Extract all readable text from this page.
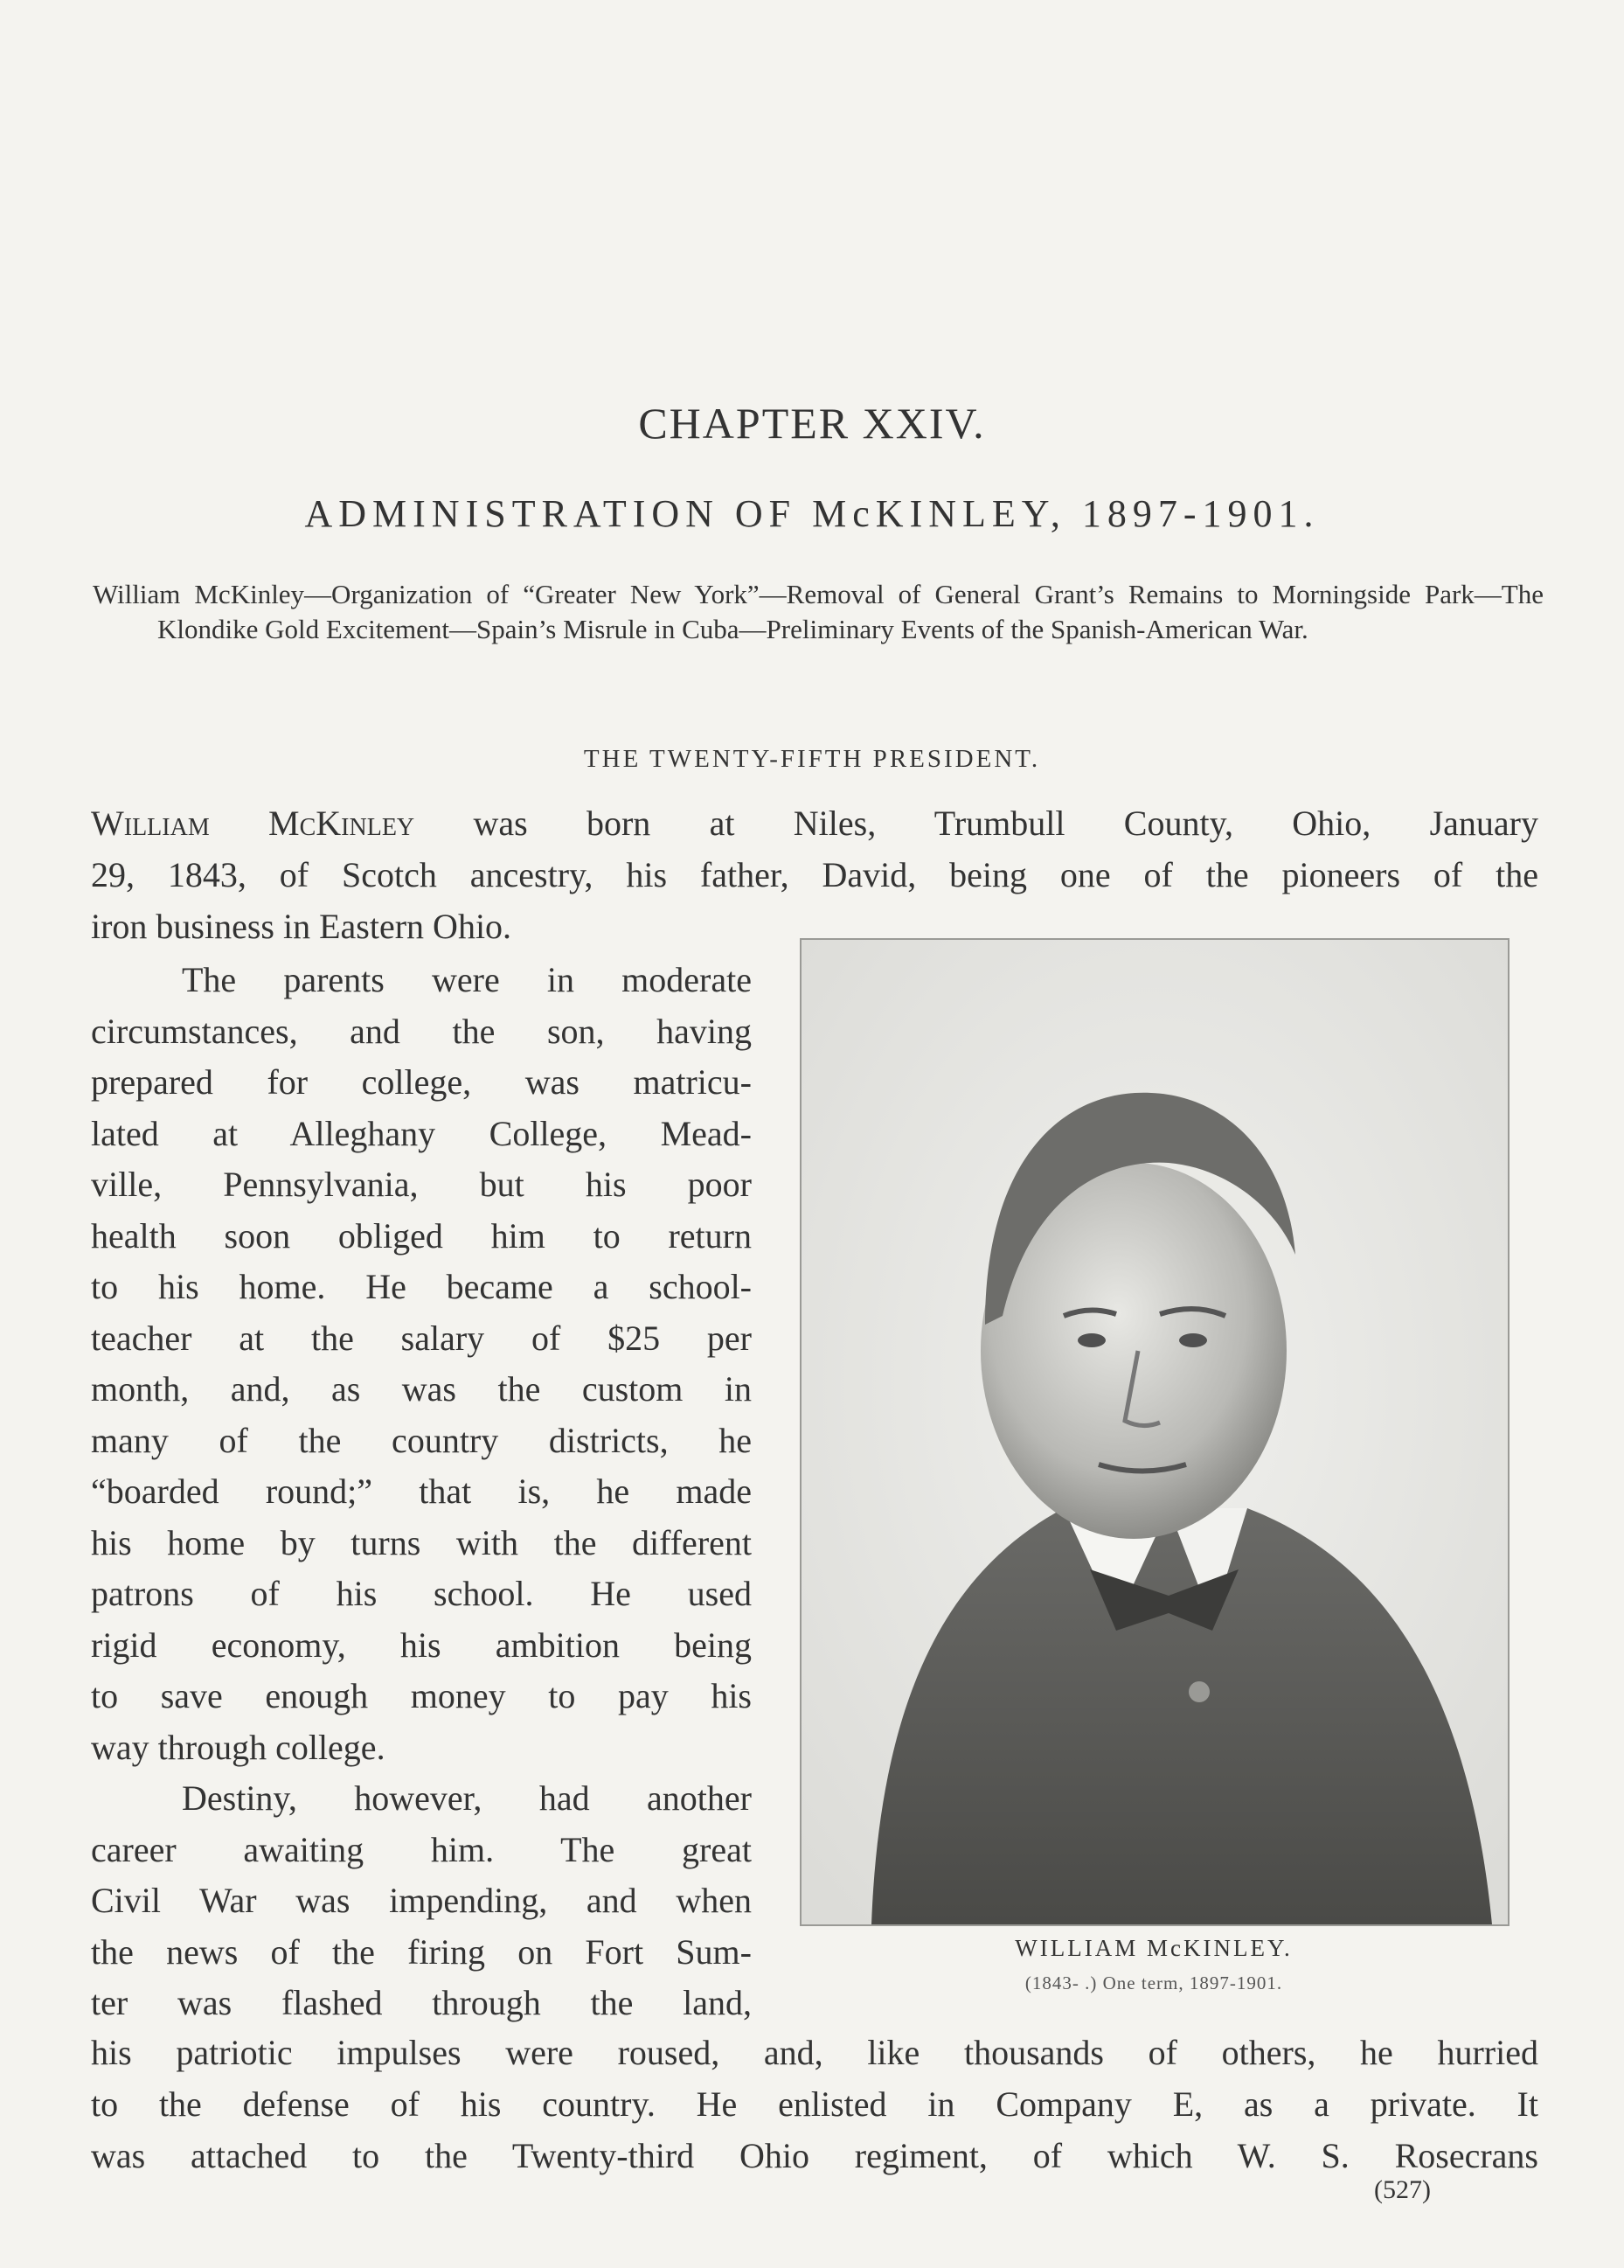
CHAPTER XXIV.
ADMINISTRATION OF McKINLEY, 1897-1901.
William McKinley—Organization of “Greater New York”—Removal of General Grant’s Remains to Morningside Park—The Klondike Gold Excitement—Spain’s Misrule in Cuba—Preliminary Events of the Spanish-American War.
THE TWENTY-FIFTH PRESIDENT.
William McKinley was born at Niles, Trumbull County, Ohio, January
29, 1843, of Scotch ancestry, his father, David, being one of the pioneers of the
iron business in Eastern Ohio.
The parents were in moderate
circumstances, and the son, having
prepared for college, was matricu-
lated at Alleghany College, Mead-
ville, Pennsylvania, but his poor
health soon obliged him to return
to his home. He became a school-
teacher at the salary of $25 per
month, and, as was the custom in
many of the country districts, he
“boarded round;” that is, he made
his home by turns with the different
patrons of his school. He used
rigid economy, his ambition being
to save enough money to pay his
way through college.
Destiny, however, had another
career awaiting him. The great
Civil War was impending, and when
the news of the firing on Fort Sum-
ter was flashed through the land,
his patriotic impulses were roused, and, like thousands of others, he hurried
to the defense of his country. He enlisted in Company E, as a private. It
was attached to the Twenty-third Ohio regiment, of which W. S. Rosecrans
WILLIAM McKINLEY.
(1843- .) One term, 1897-1901.
(527)
